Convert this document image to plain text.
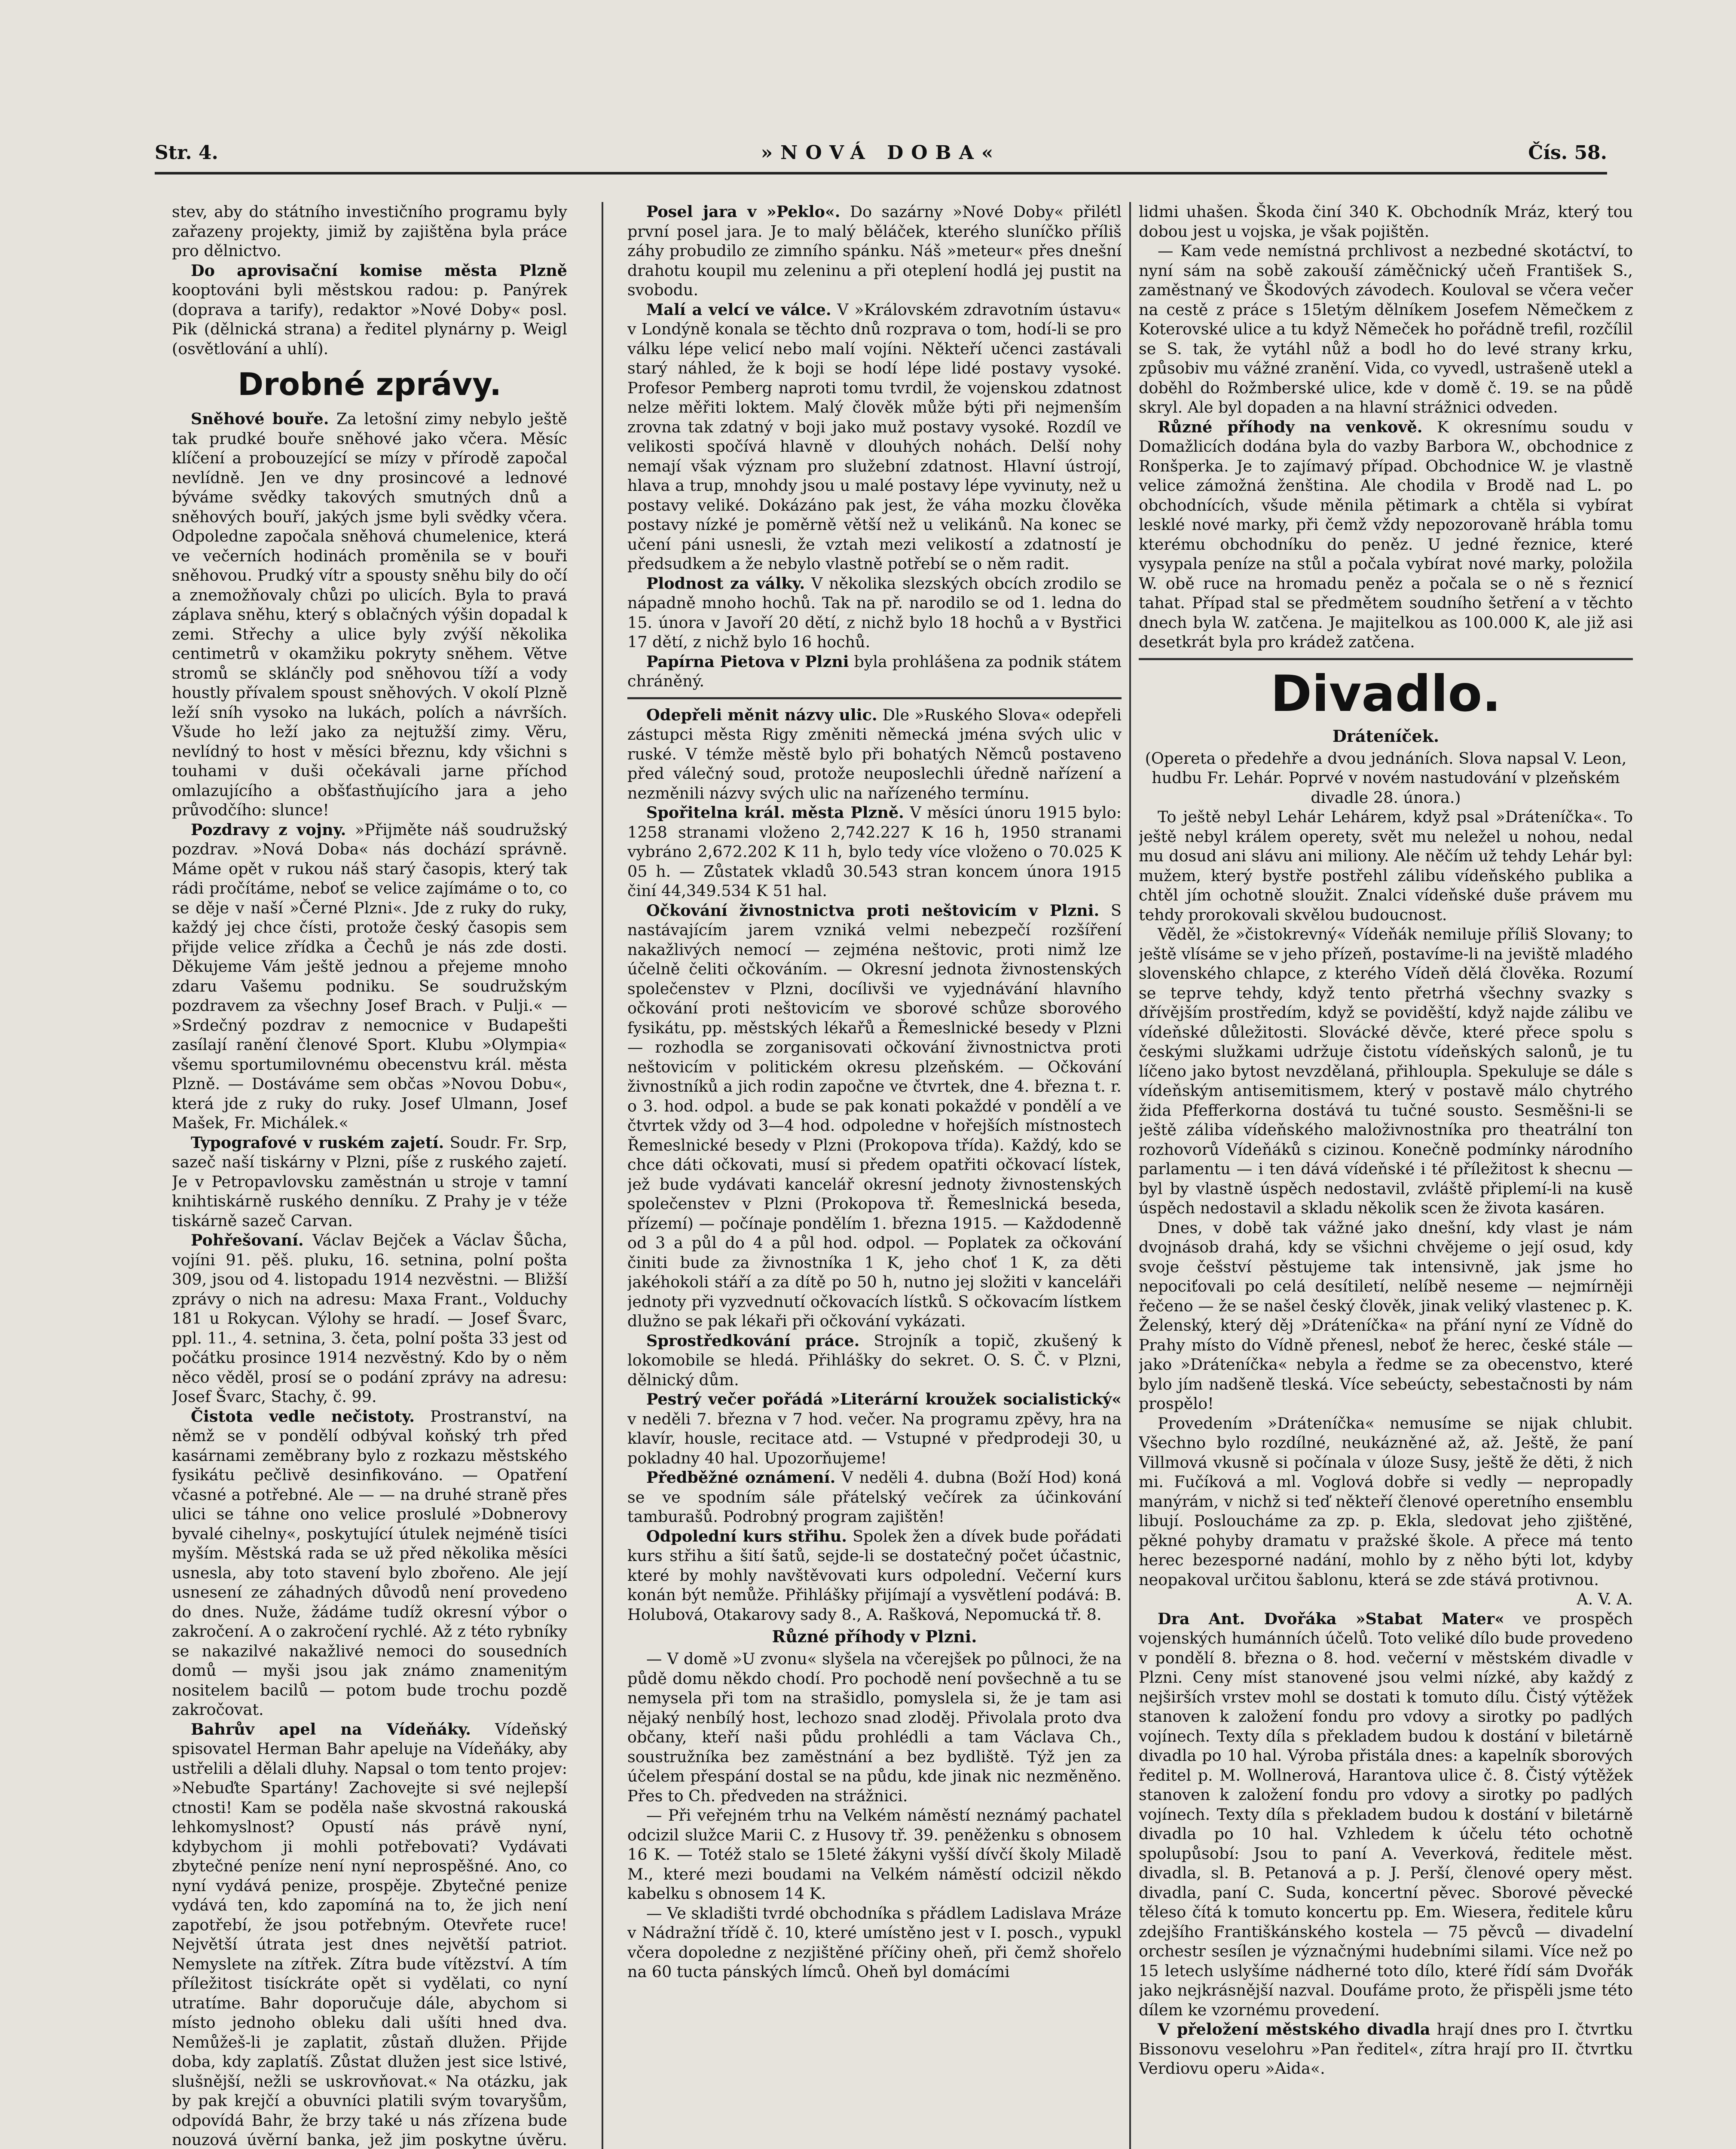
Str. 4.	»NOVÁ DOBA«	Čís. 58.

stev, aby do státního investičního programu byly zařazeny projekty, jimiž by zajištěna byla práce pro dělnictvo.

Do aprovisační komise města Plzně kooptováni byli městskou radou: p. Panýrek (doprava a tarify), redaktor »Nové Doby« posl. Pik (dělnická strana) a ředitel plynárny p. Weigl (osvětlování a uhlí).

Drobné zprávy.

Sněhové bouře. Za letošní zimy nebylo ještě tak prudké bouře sněhové jako včera. Měsíc klíčení a probouzející se mízy v přírodě započal nevlídně. Jen ve dny prosincové a lednové býváme svědky takových smutných dnů a sněhových bouří, jakých jsme byli svědky včera. Odpoledne započala sněhová chumelenice, která ve večerních hodinách proměnila se v bouři sněhovou. Prudký vítr a spousty sněhu bily do očí a znemožňovaly chůzi po ulicích. Byla to pravá záplava sněhu, který s oblačných výšin dopadal k zemi. Střechy a ulice byly zvýší několika centimetrů v okamžiku pokryty sněhem. Větve stromů se sklánčly pod sněhovou tíží a vody houstly přívalem spoust sněhových. V okolí Plzně leží sníh vysoko na lukách, polích a návrších. Všude ho leží jako za nejtužší zimy. Věru, nevlídný to host v měsíci březnu, kdy všichni s touhami v duši očekávali jarne příchod omlazujícího a obšťastňujícího jara a jeho průvodčího: slunce!

Pozdravy z vojny. »Přijměte náš soudružský pozdrav. »Nová Doba« nás dochází správně. Máme opět v rukou náš starý časopis, který tak rádi pročítáme, neboť se velice zajímáme o to, co se děje v naší »Černé Plzni«. Jde z ruky do ruky, každý jej chce čísti, protože český časopis sem přijde velice zřídka a Čechů je nás zde dosti. Děkujeme Vám ještě jednou a přejeme mnoho zdaru Vašemu podniku. Se soudružským pozdravem za všechny Josef Brach. v Pulji.« — »Srdečný pozdrav z nemocnice v Budapešti zasílají ranění členové Sport. Klubu »Olympia« všemu sportumilovnému obecenstvu král. města Plzně. — Dostáváme sem občas »Novou Dobu«, která jde z ruky do ruky. Josef Ulmann, Josef Mašek, Fr. Michálek.«

Typografové v ruském zajetí. Soudr. Fr. Srp, sazeč naší tiskárny v Plzni, píše z ruského zajetí. Je v Petropavlovsku zaměstnán u stroje v tamní knihtiskárně ruského denníku. Z Prahy je v téže tiskárně sazeč Carvan.

Pohřešovaní. Václav Bejček a Václav Šůcha, vojíni 91. pěš. pluku, 16. setnina, polní pošta 309, jsou od 4. listopadu 1914 nezvěstni. — Bližší zprávy o nich na adresu: Maxa Frant., Volduchy 181 u Rokycan. Výlohy se hradí. — Josef Švarc, ppl. 11., 4. setnina, 3. četa, polní pošta 33 jest od počátku prosince 1914 nezvěstný. Kdo by o něm něco věděl, prosí se o podání zprávy na adresu: Josef Švarc, Stachy, č. 99.

Čistota vedle nečistoty. Prostranství, na němž se v pondělí odbýval koňský trh před kasárnami zeměbrany bylo z rozkazu městského fysikátu pečlivě desinfikováno. — Opatření včasné a potřebné. Ale — — na druhé straně přes ulici se táhne ono velice proslulé »Dobnerovy byvalé cihelny«, poskytující útulek nejméně tisíci myším. Městská rada se už před několika měsíci usnesla, aby toto stavení bylo zbořeno. Ale její usnesení ze záhadných důvodů není provedeno do dnes. Nuže, žádáme tudíž okresní výbor o zakročení. A o zakročení rychlé. Až z této rybníky se nakazilvé nakažlivé nemoci do sousedních domů — myši jsou jak známo znamenitým nositelem bacilů — potom bude trochu pozdě zakročovat.

Bahrův apel na Vídeňáky. Vídeňský spisovatel Herman Bahr apeluje na Vídeňáky, aby ustřelili a dělali dluhy. Napsal o tom tento projev: »Nebuďte Spartány! Zachovejte si své nejlepší ctnosti! Kam se poděla naše skvostná rakouská lehkomyslnost? Opustí nás právě nyní, kdybychom ji mohli potřebovati? Vydávati zbytečné peníze není nyní neprospěšné. Ano, co nyní vydává penize, prospěje. Zbytečné penize vydává ten, kdo zapomíná na to, že jich není zapotřebí, že jsou potřebným. Otevřete ruce! Největší útrata jest dnes největší patriot. Nemyslete na zítřek. Zítra bude vítězství. A tím příležitost tisíckráte opět si vydělati, co nyní utratíme. Bahr doporučuje dále, abychom si místo jednoho obleku dali ušíti hned dva. Nemůžeš-li je zaplatit, zůstaň dlužen. Přijde doba, kdy zaplatíš. Zůstat dlužen jest sice lstivé, slušnější, nežli se uskrovňovat.« Na otázku, jak by pak krejčí a obuvníci platili svým tovaryšům, odpovídá Bahr, že brzy také u nás zřízena bude nouzová úvěrní banka, jež jim poskytne úvěru.

Posel jara v »Peklo«. Do sazárny »Nové Doby« přilétl první posel jara. Je to malý běláček, kterého sluníčko příliš záhy probudilo ze zimního spánku. Náš »meteur« přes dnešní drahotu koupil mu zeleninu a při oteplení hodlá jej pustit na svobodu.

Malí a velcí ve válce. V »Královském zdravotním ústavu« v Londýně konala se těchto dnů rozprava o tom, hodí-li se pro válku lépe velicí nebo malí vojíni. Někteří učenci zastávali starý náhled, že k boji se hodí lépe lidé postavy vysoké. Profesor Pemberg naproti tomu tvrdil, že vojenskou zdatnost nelze měřiti loktem. Malý člověk může býti při nejmenším zrovna tak zdatný v boji jako muž postavy vysoké. Rozdíl ve velikosti spočívá hlavně v dlouhých nohách. Delší nohy nemají však význam pro služební zdatnost. Hlavní ústrojí, hlava a trup, mnohdy jsou u malé postavy lépe vyvinuty, než u postavy veliké. Dokázáno pak jest, že váha mozku člověka postavy nízké je poměrně větší než u velikánů. Na konec se učení páni usnesli, že vztah mezi velikostí a zdatností je předsudkem a že nebylo vlastně potřebí se o něm radit.

Plodnost za války. V několika slezských obcích zrodilo se nápadně mnoho hochů. Tak na př. narodilo se od 1. ledna do 15. února v Javoří 20 dětí, z nichž bylo 18 hochů a v Bystřici 17 dětí, z nichž bylo 16 hochů.

Papírna Pietova v Plzni byla prohlášena za podnik státem chráněný.

Odepřeli měnit názvy ulic. Dle »Ruského Slova« odepřeli zástupci města Rigy změniti německá jména svých ulic v ruské. V témže městě bylo při bohatých Němců postaveno před válečný soud, protože neuposlechli úředně nařízení a nezměnili názvy svých ulic na nařízeného termínu.

Spořitelna král. města Plzně. V měsíci únoru 1915 bylo: 1258 stranami vloženo 2,742.227 K 16 h, 1950 stranami vybráno 2,672.202 K 11 h, bylo tedy více vloženo o 70.025 K 05 h. — Zůstatek vkladů 30.543 stran koncem února 1915 činí 44,349.534 K 51 hal.

Očkování živnostnictva proti neštovicím v Plzni. S nastávajícím jarem vzniká velmi nebezpečí rozšíření nakažlivých nemocí — zejména neštovic, proti nimž lze účelně čeliti očkováním. — Okresní jednota živnostenských společenstev v Plzni, docílivši ve vyjednávání hlavního očkování proti neštovicím ve sborové schůze sborového fysikátu, pp. městských lékařů a Řemeslnické besedy v Plzni — rozhodla se zorganisovati očkování živnostnictva proti neštovicím v politickém okresu plzeňském. — Očkování živnostníků a jich rodin započne ve čtvrtek, dne 4. března t. r. o 3. hod. odpol. a bude se pak konati pokaždé v pondělí a ve čtvrtek vždy od 3—4 hod. odpoledne v hořejších místnostech Řemeslnické besedy v Plzni (Prokopova třída). Každý, kdo se chce dáti očkovati, musí si předem opatřiti očkovací lístek, jež bude vydávati kancelář okresní jednoty živnostenských společenstev v Plzni (Prokopova tř. Řemeslnická beseda, přízemí) — počínaje pondělím 1. března 1915. — Každodenně od 3 a půl do 4 a půl hod. odpol. — Poplatek za očkování činiti bude za živnostníka 1 K, jeho choť 1 K, za děti jakéhokoli stáří a za dítě po 50 h, nutno jej složiti v kanceláři jednoty při vyzvednutí očkovacích lístků. S očkovacím lístkem dlužno se pak lékaři při očkování vykázati.

Sprostředkování práce. Strojník a topič, zkušený k lokomobile se hledá. Přihlášky do sekret. O. S. Č. v Plzni, dělnický dům.

Pestrý večer pořádá »Literární kroužek socialistický« v neděli 7. března v 7 hod. večer. Na programu zpěvy, hra na klavír, housle, recitace atd. — Vstupné v předprodeji 30, u pokladny 40 hal. Upozorňujeme!

Předběžné oznámení. V neděli 4. dubna (Boží Hod) koná se ve spodním sále přátelský večírek za účinkování tamburašů. Podrobný program zajištěn!

Odpolední kurs střihu. Spolek žen a dívek bude pořádati kurs střihu a šití šatů, sejde-li se dostatečný počet účastnic, které by mohly navštěvovati kurs odpolední. Večerní kurs konán být nemůže. Přihlášky přijímají a vysvětlení podává: B. Holubová, Otakarovy sady 8., A. Rašková, Nepomucká tř. 8.

Různé příhody v Plzni.

— V domě »U zvonu« slyšela na včerejšek po půlnoci, že na půdě domu někdo chodí. Pro pochodě není povšechně a tu se nemysela při tom na strašidlo, pomyslela si, že je tam asi nějaký nenbílý host, lechozo snad zloděj. Přivolala proto dva občany, kteří naši půdu prohlédli a tam Václava Ch., soustružníka bez zaměstnání a bez bydliště. Týž jen za účelem přespání dostal se na půdu, kde jinak nic nezměněno. Přes to Ch. předveden na strážnici.

— Při veřejném trhu na Velkém náměstí neznámý pachatel odcizil služce Marii C. z Husovy tř. 39. peněženku s obnosem 16 K. — Totéž stalo se 15leté žákyni vyšší dívčí školy Miladě M., které mezi boudami na Velkém náměstí odcizil někdo kabelku s obnosem 14 K.

— Ve skladišti tvrdé obchodníka s přádlem Ladislava Mráze v Nádražní třídě č. 10, které umístěno jest v I. posch., vypukl včera dopoledne z nezjištěné příčiny oheň, při čemž shořelo na 60 tucta pánských límců. Oheň byl domácími

lidmi uhašen. Škoda činí 340 K. Obchodník Mráz, který tou dobou jest u vojska, je však pojištěn.

— Kam vede nemístná prchlivost a nezbedné skotáctví, to nyní sám na sobě zakouší záměčnický učeň František S., zaměstnaný ve Škodových závodech. Kouloval se včera večer na cestě z práce s 15letým dělníkem Josefem Němečkem z Koterovské ulice a tu když Němeček ho pořádně trefil, rozčílil se S. tak, že vytáhl nůž a bodl ho do levé strany krku, způsobiv mu vážné zranění. Vida, co vyvedl, ustrašeně utekl a doběhl do Rožmberské ulice, kde v domě č. 19. se na půdě skryl. Ale byl dopaden a na hlavní strážnici odveden.

Různé příhody na venkově. K okresnímu soudu v Domažlicích dodána byla do vazby Barbora W., obchodnice z Ronšperka. Je to zajímavý případ. Obchodnice W. je vlastně velice zámožná ženština. Ale chodila v Brodě nad L. po obchodnících, všude měnila pětimark a chtěla si vybírat lesklé nové marky, při čemž vždy nepozorovaně hrábla tomu kterému obchodníku do peněz. U jedné řeznice, které vysypala peníze na stůl a počala vybírat nové marky, položila W. obě ruce na hromadu peněz a počala se o ně s řeznicí tahat. Případ stal se předmětem soudního šetření a v těchto dnech byla W. zatčena. Je majitelkou as 100.000 K, ale již asi desetkrát byla pro krádež zatčena.

Divadlo.
Dráteníček.

(Opereta o předehře a dvou jednáních. Slova napsal V. Leon, hudbu Fr. Lehár. Poprvé v novém nastudování v plzeňském divadle 28. února.)

To ještě nebyl Lehár Lehárem, když psal »Dráteníčka«. To ještě nebyl králem operety, svět mu neležel u nohou, nedal mu dosud ani slávu ani miliony. Ale něčím už tehdy Lehár byl: mužem, který bystře postřehl zálibu vídeňského publika a chtěl jím ochotně sloužit. Znalci vídeňské duše právem mu tehdy prorokovali skvělou budoucnost.

Věděl, že »čistokrevný« Vídeňák nemiluje příliš Slovany; to ještě vlísáme se v jeho přízeň, postavíme-li na jeviště mladého slovenského chlapce, z kterého Vídeň dělá člověka. Rozumí se teprve tehdy, když tento přetrhá všechny svazky s dřívějším prostředím, když se poviděští, když najde zálibu ve vídeňské důležitosti. Slovácké děvče, které přece spolu s českými služkami udržuje čistotu vídeňských salonů, je tu líčeno jako bytost nevzdělaná, přihloupla. Spekuluje se dále s vídeňským antisemitismem, který v postavě málo chytrého žida Pfefferkorna dostává tu tučné sousto. Sesměšni-li se ještě záliba vídeňského maloživnostníka pro theatrální ton rozhovorů Vídeňáků s cizinou. Konečně podmínky národního parlamentu — i ten dává vídeňské i té příležitost k shecnu — byl by vlastně úspěch nedostavil, zvláště připlemí-li na kusě úspěch nedostavil a skladu několik scen že života kasáren.

Dnes, v době tak vážné jako dnešní, kdy vlast je nám dvojnásob drahá, kdy se všichni chvějeme o její osud, kdy svoje češství pěstujeme tak intensivně, jak jsme ho nepociťovali po celá desítiletí, nelíbě neseme — nejmírněji řečeno — že se našel český člověk, jinak veliký vlastenec p. K. Želenský, který děj »Dráteníčka« na přání nyní ze Vídně do Prahy místo do Vídně přenesl, neboť že herec, české stále — jako »Dráteníčka« nebyla a ředme se za obecenstvo, které bylo jím nadšeně tleská. Více sebeúcty, sebestačnosti by nám prospělo!

Provedením »Dráteníčka« nemusíme se nijak chlubit. Všechno bylo rozdílné, neukázněné až, až. Ještě, že paní Villmová vkusně si počínala v úloze Susy, ještě že děti, ž nich mi. Fučíková a ml. Voglová dobře si vedly — nepropadly manýrám, v nichž si teď někteří členové operetního ensemblu libují. Posloucháme za zp. p. Ekla, sledovat jeho zjištěné, pěkné pohyby dramatu v pražské škole. A přece má tento herec bezesporné nadání, mohlo by z něho býti lot, kdyby neopakoval určitou šablonu, která se zde stává protivnou.

A. V. A.

Dra Ant. Dvořáka »Stabat Mater« ve prospěch vojenských humánních účelů. Toto veliké dílo bude provedeno v pondělí 8. března o 8. hod. večerní v městském divadle v Plzni. Ceny míst stanovené jsou velmi nízké, aby každý z nejširších vrstev mohl se dostati k tomuto dílu. Čistý výtěžek stanoven k založení fondu pro vdovy a sirotky po padlých vojínech. Texty díla s překladem budou k dostání v biletárně divadla po 10 hal. Výroba přistála dnes: a kapelník sborových ředitel p. M. Wollnerová, Harantova ulice č. 8. Čistý výtěžek stanoven k založení fondu pro vdovy a sirotky po padlých vojínech. Texty díla s překladem budou k dostání v biletárně divadla po 10 hal. Vzhledem k účelu této ochotně spolupůsobí: Jsou to paní A. Veverková, ředitele měst. divadla, sl. B. Petanová a p. J. Perší, členové opery měst. divadla, paní C. Suda, koncertní pěvec. Sborové pěvecké těleso čítá k tomuto koncertu pp. Em. Wiesera, ředitele kůru zdejšího Františkánského kostela — 75 pěvců — divadelní orchestr sesílen je význačnými hudebními silami. Více než po 15 letech uslyšíme nádherné toto dílo, které řídí sám Dvořák jako nejkrásnější nazval. Doufáme proto, že přispěli jsme této dílem ke vzornému provedení.

V přeložení městského divadla hrají dnes pro I. čtvrtku Bissonovu veselohru »Pan ředitel«, zítra hrají pro II. čtvrtku Verdiovu operu »Aida«.
